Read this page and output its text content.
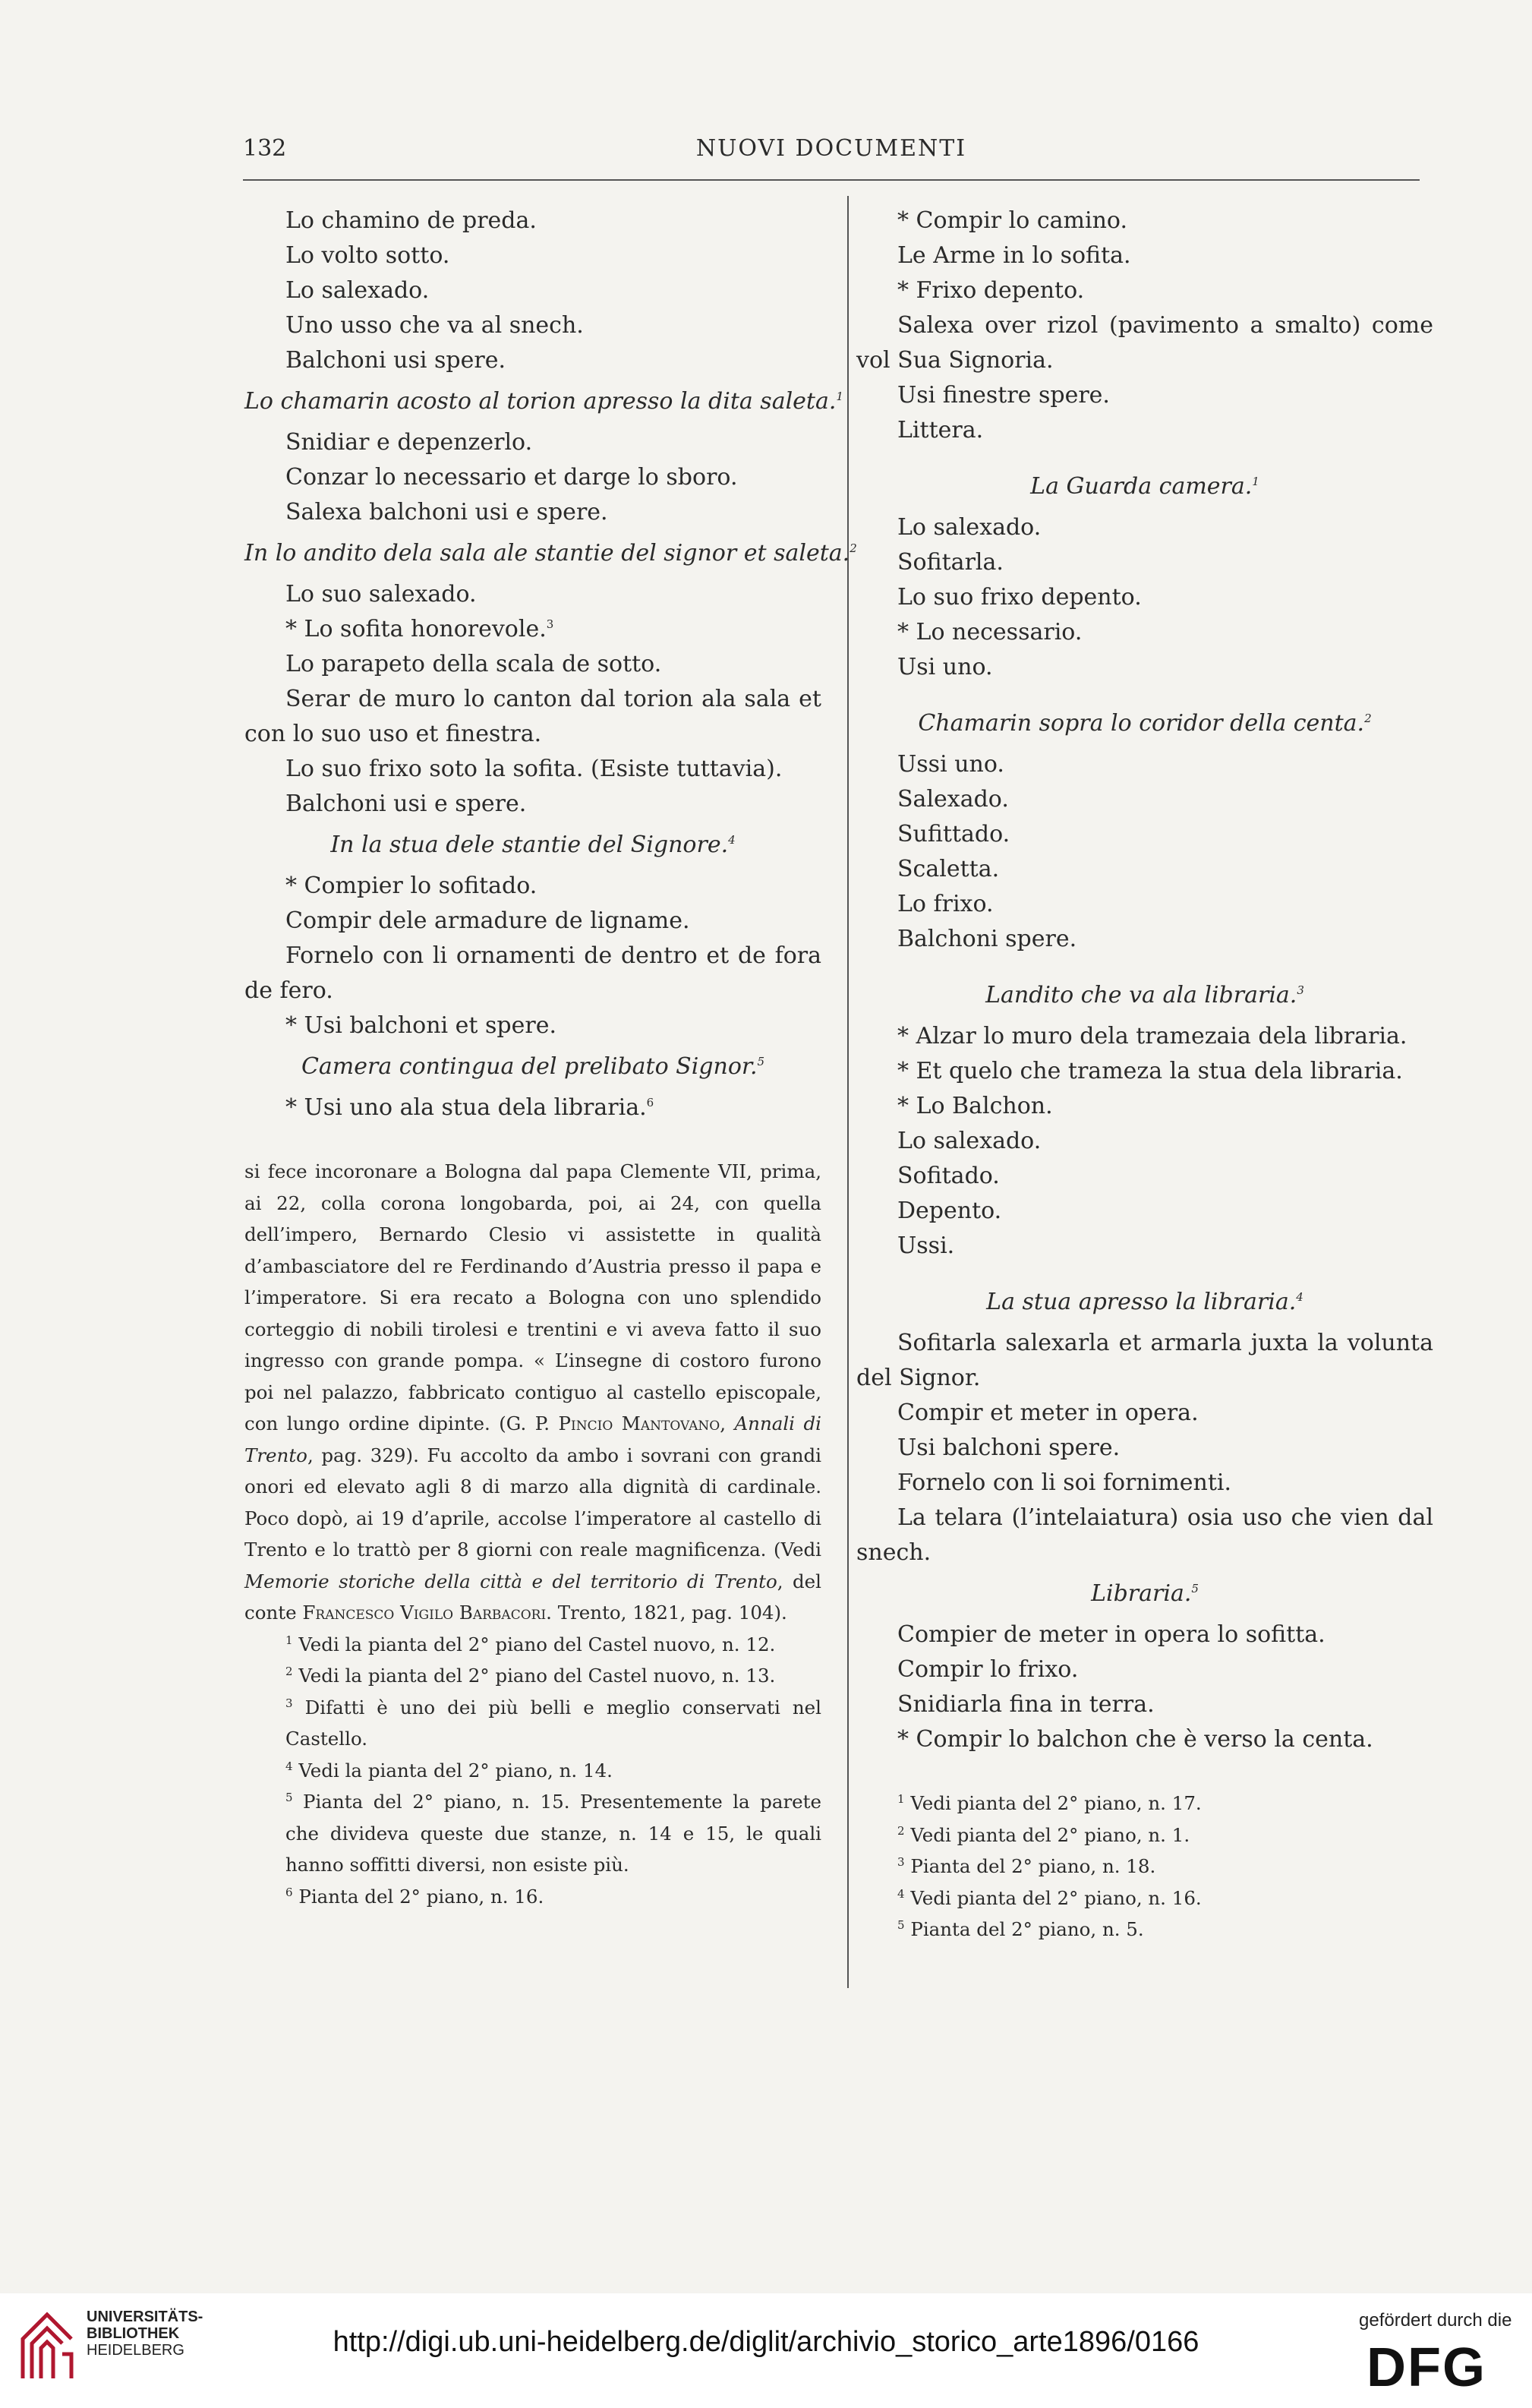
132	NUOVI DOCUMENTI
Lo chamino de preda.
Lo volto sotto.
Lo salexado.
Uno usso che va al snech.
Balchoni usi spere.
Lo chamarin acosto al torion apresso la dita saleta.$^1$
Snidiar e depenzerlo.
Conzar lo necessario et darge lo sboro.
Salexa balchoni usi e spere.
In lo andito dela sala ale stantie del signor et saleta.$^2$
Lo suo salexado.
* Lo sofita honorevole.$^3$
Lo parapeto della scala de sotto.
Serar de muro lo canton dal torion ala sala et con lo suo uso et finestra.
Lo suo frixo soto la sofita. (Esiste tuttavia).
Balchoni usi e spere.
In la stua dele stantie del Signore.$^4$
* Compier lo sofitado.
Compir dele armadure de ligname.
Fornelo con li ornamenti de dentro et de fora de fero.
* Usi balchoni et spere.
Camera contingua del prelibato Signor.$^5$
* Usi uno ala stua dela libraria.$^6$
si fece incoronare a Bologna dal papa Clemente VII, prima, ai 22, colla corona longobarda, poi, ai 24, con quella dell’impero, Bernardo Clesio vi assistette in qualità d’ambasciatore del re Ferdinando d’Austria presso il papa e l’imperatore. Si era recato a Bologna con uno splendido corteggio di nobili tirolesi e trentini e vi aveva fatto il suo ingresso con grande pompa. « L’insegne di costoro furono poi nel palazzo, fabbricato contiguo al castello episcopale, con lungo ordine dipinte. (G. P. Pincio Mantovano, Annali di Trento, pag. 329). Fu accolto da ambo i sovrani con grandi onori ed elevato agli 8 di marzo alla dignità di cardinale. Poco dopò, ai 19 d’aprile, accolse l’imperatore al castello di Trento e lo trattò per 8 giorni con reale magnificenza. (Vedi Memorie storiche della città e del territorio di Trento, del conte Francesco Vigilo Barbacori. Trento, 1821, pag. 104).
$^1$ Vedi la pianta del 2° piano del Castel nuovo, n. 12.
$^2$ Vedi la pianta del 2° piano del Castel nuovo, n. 13.
$^3$ Difatti è uno dei più belli e meglio conservati nel Castello.
$^4$ Vedi la pianta del 2° piano, n. 14.
$^5$ Pianta del 2° piano, n. 15. Presentemente la parete che divideva queste due stanze, n. 14 e 15, le quali hanno soffitti diversi, non esiste più.
$^6$ Pianta del 2° piano, n. 16.
* Compir lo camino.
Le Arme in lo sofita.
* Frixo depento.
Salexa over rizol (pavimento a smalto) come vol Sua Signoria.
Usi finestre spere.
Littera.
La Guarda camera.$^1$
Lo salexado.
Sofitarla.
Lo suo frixo depento.
* Lo necessario.
Usi uno.
Chamarin sopra lo coridor della centa.$^2$
Ussi uno.
Salexado.
Sufittado.
Scaletta.
Lo frixo.
Balchoni spere.
Landito che va ala libraria.$^3$
* Alzar lo muro dela tramezaia dela libraria.
* Et quelo che trameza la stua dela libraria.
* Lo Balchon.
Lo salexado.
Sofitado.
Depento.
Ussi.
La stua apresso la libraria.$^4$
Sofitarla salexarla et armarla juxta la volunta del Signor.
Compir et meter in opera.
Usi balchoni spere.
Fornelo con li soi fornimenti.
La telara (l’intelaiatura) osia uso che vien dal snech.
Libraria.$^5$
Compier de meter in opera lo sofitta.
Compir lo frixo.
Snidiarla fina in terra.
* Compir lo balchon che è verso la centa.
$^1$ Vedi pianta del 2° piano, n. 17.
$^2$ Vedi pianta del 2° piano, n. 1.
$^3$ Pianta del 2° piano, n. 18.
$^4$ Vedi pianta del 2° piano, n. 16.
$^5$ Pianta del 2° piano, n. 5.
UNIVERSITÄTS-
BIBLIOTHEK
HEIDELBERG	http://digi.ub.uni-heidelberg.de/diglit/archivio_storico_arte1896/0166
gefördert durch die
DFG
